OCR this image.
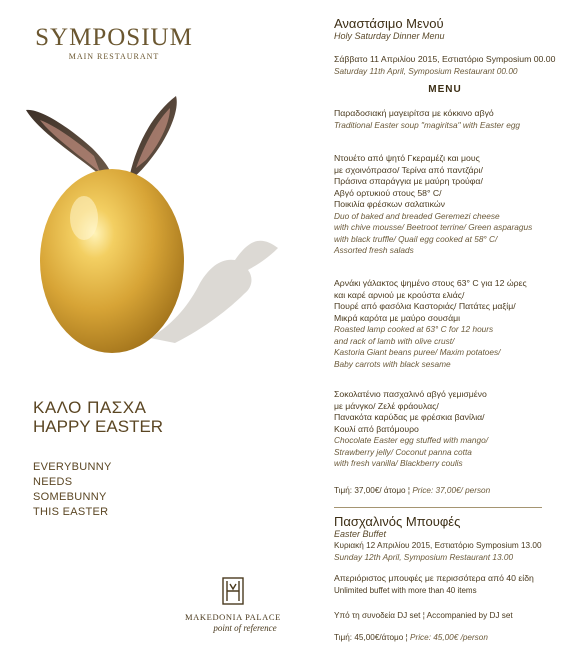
SYMPOSIUM
MAIN RESTAURANT
ΚΑΛΟ ΠΑΣΧΑ
HAPPY EASTER
EVERYBUNNY
NEEDS
SOMEBUNNY
THIS EASTER
MAKEDONIA PALACE
point of reference
Αναστάσιμο Μενού
Holy Saturday Dinner Menu
Σάββατο 11 Απριλίου 2015, Εστιατόριο Symposium 00.00
Saturday 11th April, Symposium Restaurant 00.00
MENU
Παραδοσιακή μαγειρίτσα με κόκκινο αβγό
Traditional Easter soup "magiritsa" with Easter egg
Ντουέτο από ψητό Γκεραμέζι και μους
με σχοινόπρασο/ Τερίνα από παντζάρι/
Πράσινα σπαράγγια με μαύρη τρούφα/
Αβγό ορτυκιού στους 58° C/
Ποικιλία φρέσκων σαλατικών
Duo of baked and breaded Geremezi cheese
with chive mousse/ Beetroot terrine/ Green asparagus
with black truffle/ Quail egg cooked at 58° C/
Assorted fresh salads
Αρνάκι γάλακτος ψημένο στους 63° C για 12 ώρες
και καρέ αρνιού με κρούστα ελιάς/
Πουρέ από φασόλια Καστοριάς/ Πατάτες μαξίμ/
Μικρά καρότα με μαύρο σουσάμι
Roasted lamp cooked at 63° C for 12 hours
and rack of lamb with olive crust/
Kastoria Giant beans puree/ Maxim potatoes/
Baby carrots with black sesame
Σοκολατένιο πασχαλινό αβγό γεμισμένο
με μάνγκο/ Ζελέ φράουλας/
Πανακότα καρύδας με φρέσκια βανίλια/
Κουλί από βατόμουρο
Chocolate Easter egg stuffed with mango/
Strawberry jelly/ Coconut panna cotta
with fresh vanilla/ Blackberry coulis
Τιμή: 37,00€/ άτομο ¦ Price: 37,00€/ person
Πασχαλινός Μπουφές
Easter Buffet
Κυριακή 12 Απριλίου 2015, Εστιατόριο Symposium 13.00
Sunday 12th April, Symposium Restaurant 13.00
Απεριόριστος μπουφές με περισσότερα από 40 είδη
Unlimited buffet with more than 40 items
Υπό τη συνοδεία DJ set ¦ Accompanied by DJ set
Τιμή: 45,00€/άτομο ¦ Price: 45,00€ /person
